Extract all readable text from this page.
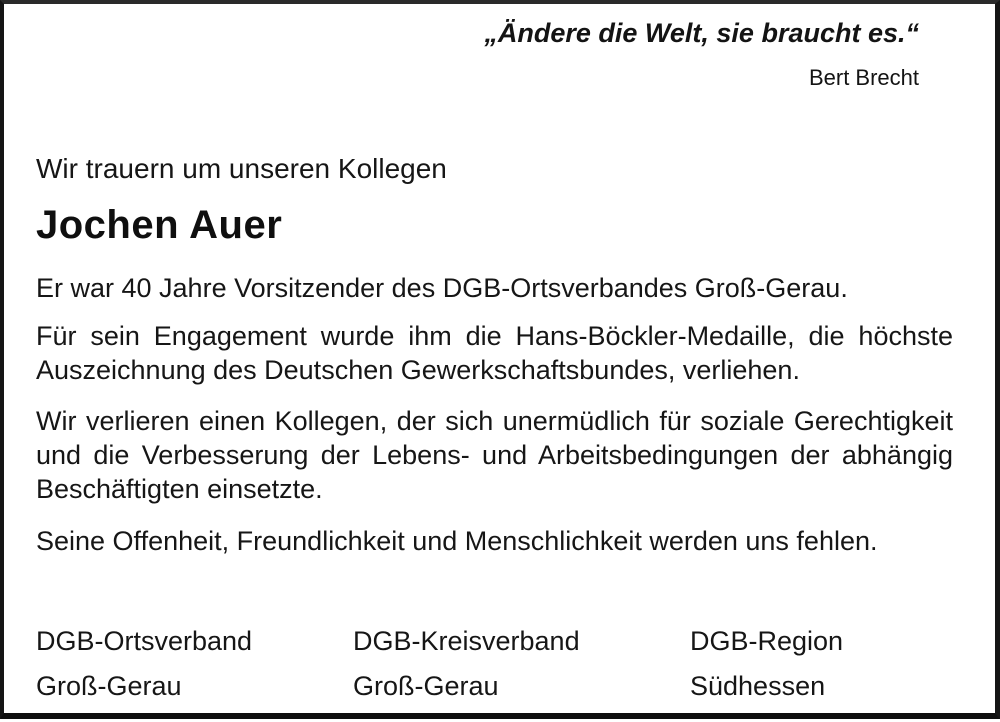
„Ändere die Welt, sie braucht es.“
Bert Brecht
Wir trauern um unseren Kollegen
Jochen Auer

Er war 40 Jahre Vorsitzender des DGB-Ortsverbandes Groß-Gerau.

Für sein Engagement wurde ihm die Hans-Böckler-Medaille, die höchste Auszeichnung des Deutschen Gewerkschaftsbundes, verliehen.

Wir verlieren einen Kollegen, der sich unermüdlich für soziale Gerechtigkeit und die Verbesserung der Lebens- und Arbeitsbedingungen der abhängig Beschäftigten einsetzte.

Seine Offenheit, Freundlichkeit und Menschlichkeit werden uns fehlen.

DGB-Ortsverband
Groß-Gerau
DGB-Kreisverband
Groß-Gerau
DGB-Region
Südhessen
